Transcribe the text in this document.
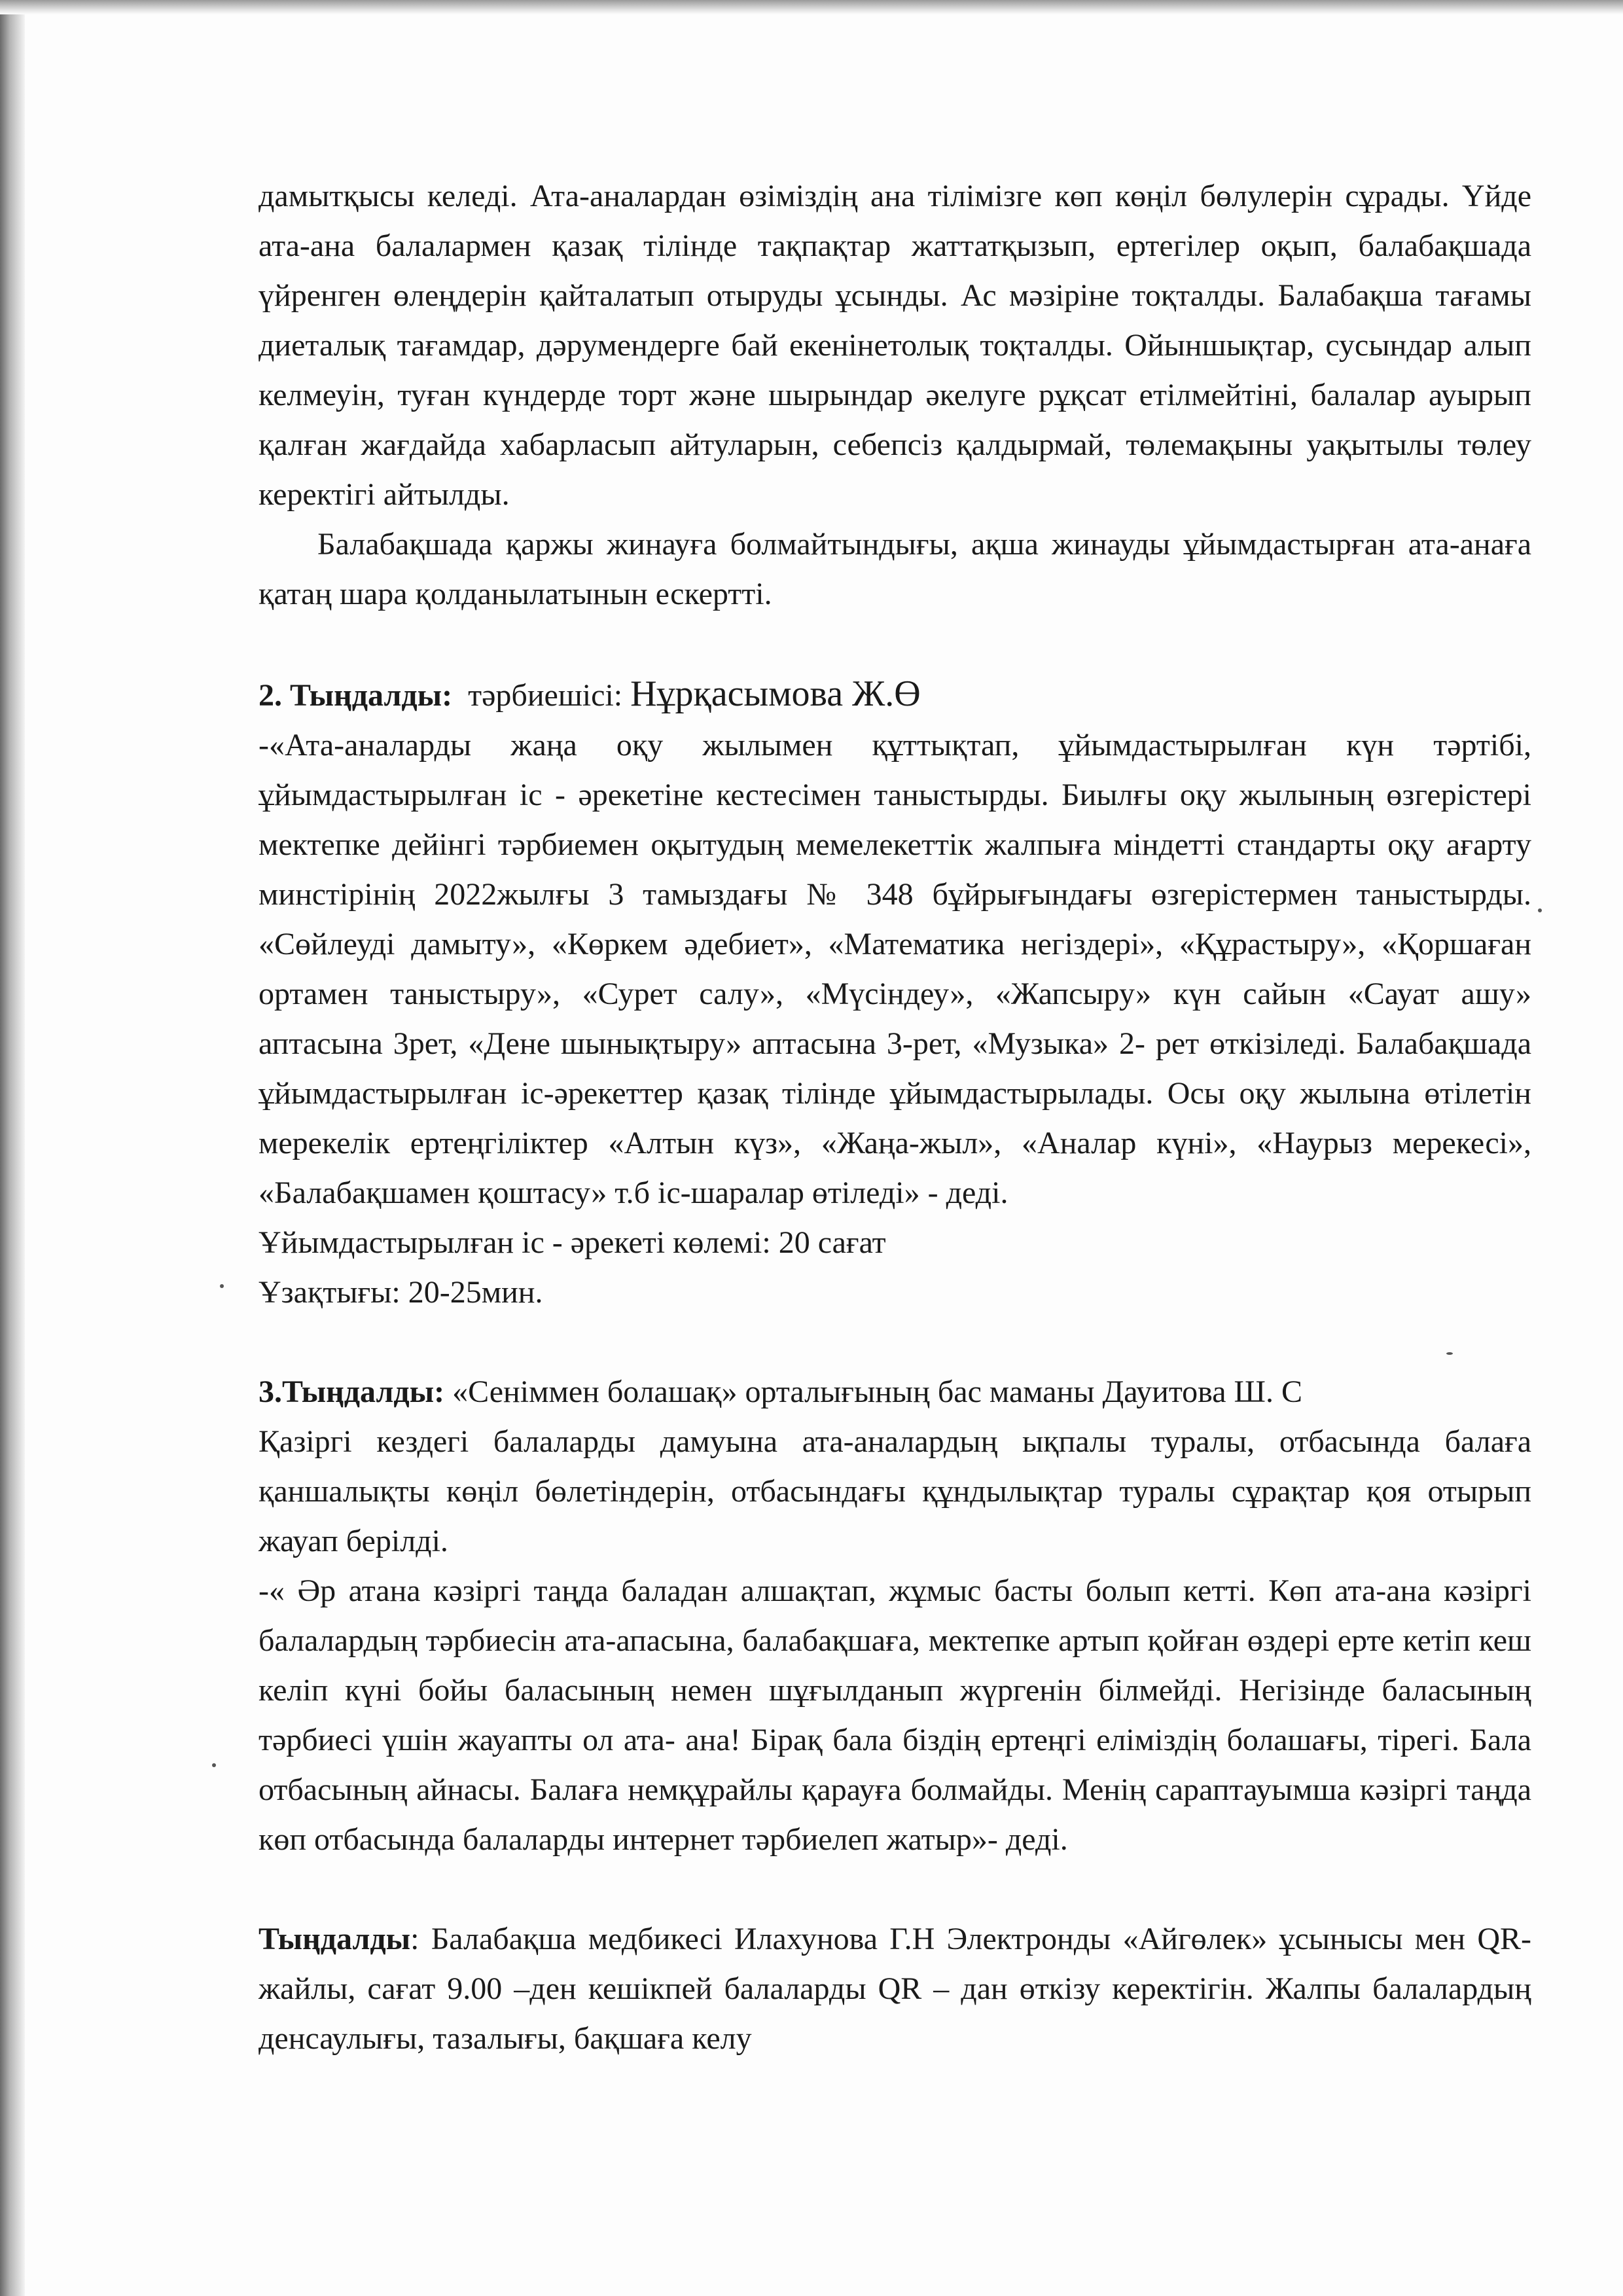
дамытқысы келеді. Ата-аналардан өзіміздің ана тілімізге көп көңіл бөлулерін сұрады. Үйде ата-ана балалармен қазақ тілінде тақпақтар жаттатқызып, ертегілер оқып, балабақшада үйренген өлеңдерін қайталатып отыруды ұсынды. Ас мәзіріне тоқталды. Балабақша тағамы диеталық тағамдар, дәрумендерге бай екенінетолық тоқталды. Ойыншықтар, сусындар алып келмеуін, туған күндерде торт және шырындар әкелуге рұқсат етілмейтіні, балалар ауырып қалған жағдайда хабарласып айтуларын, себепсіз қалдырмай, төлемақыны уақытылы төлеу керектігі айтылды.

Балабақшада қаржы жинауға болмайтындығы, ақша жинауды ұйымдастырған ата-анаға қатаң шара қолданылатынын ескертті.

2. Тыңдалды: тәрбиешісі: Нұрқасымова Ж.Ө

-«Ата-аналарды жаңа оқу жылымен құттықтап, ұйымдастырылған күн тәртібі, ұйымдастырылған іс - әрекетіне кестесімен таныстырды. Биылғы оқу жылының өзгерістері мектепке дейінгі тәрбиемен оқытудың мемелекеттік жалпыға міндетті стандарты оқу ағарту минстірінің 2022жылғы 3 тамыздағы № 348 бұйрығындағы өзгерістермен таныстырды. «Сөйлеуді дамыту», «Көркем әдебиет», «Математика негіздері», «Құрастыру», «Қоршаған ортамен таныстыру», «Сурет салу», «Мүсіндеу», «Жапсыру» күн сайын «Сауат ашу» аптасына 3рет, «Дене шынықтыру» аптасына 3-рет, «Музыка» 2- рет өткізіледі. Балабақшада ұйымдастырылған іс-әрекеттер қазақ тілінде ұйымдастырылады. Осы оқу жылына өтілетін мерекелік ертеңгіліктер «Алтын күз», «Жаңа-жыл», «Аналар күні», «Наурыз мерекесі», «Балабақшамен қоштасу» т.б іс-шаралар өтіледі» - деді.

Ұйымдастырылған іс - әрекеті көлемі: 20 сағат

Ұзақтығы: 20-25мин.

3.Тыңдалды: «Сеніммен болашақ» орталығының бас маманы Дауитова Ш. С

Қазіргі кездегі балаларды дамуына ата-аналардың ықпалы туралы, отбасында балаға қаншалықты көңіл бөлетіндерін, отбасындағы құндылықтар туралы сұрақтар қоя отырып жауап берілді.

-« Әр атана кәзіргі таңда баладан алшақтап, жұмыс басты болып кетті. Көп ата-ана кәзіргі балалардың тәрбиесін ата-апасына, балабақшаға, мектепке артып қойған өздері ерте кетіп кеш келіп күні бойы баласының немен шұғылданып жүргенін білмейді. Негізінде баласының тәрбиесі үшін жауапты ол ата- ана! Бірақ бала біздің ертеңгі еліміздің болашағы, тірегі. Бала отбасының айнасы. Балаға немқұрайлы қарауға болмайды. Менің сараптауымша кәзіргі таңда көп отбасында балаларды интернет тәрбиелеп жатыр»- деді.

Тыңдалды: Балабақша медбикесі Илахунова Г.Н Электронды «Айгөлек» ұсынысы мен QR- жайлы, сағат 9.00 –ден кешікпей балаларды QR – дан өткізу керектігін. Жалпы балалардың денсаулығы, тазалығы, бақшаға келу
